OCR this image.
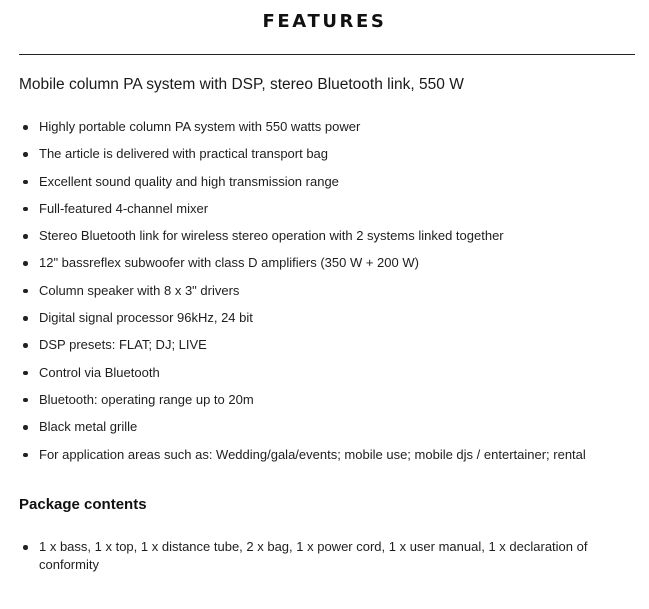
FEATURES

Mobile column PA system with DSP, stereo Bluetooth link, 550 W

Highly portable column PA system with 550 watts power
The article is delivered with practical transport bag
Excellent sound quality and high transmission range
Full-featured 4-channel mixer
Stereo Bluetooth link for wireless stereo operation with 2 systems linked together
12" bassreflex subwoofer with class D amplifiers (350 W + 200 W)
Column speaker with 8 x 3" drivers
Digital signal processor 96kHz, 24 bit
DSP presets: FLAT; DJ; LIVE
Control via Bluetooth
Bluetooth: operating range up to 20m
Black metal grille
For application areas such as: Wedding/gala/events; mobile use; mobile djs / entertainer; rental
Package contents
1 x bass, 1 x top, 1 x distance tube, 2 x bag, 1 x power cord, 1 x user manual, 1 x declaration of conformity
